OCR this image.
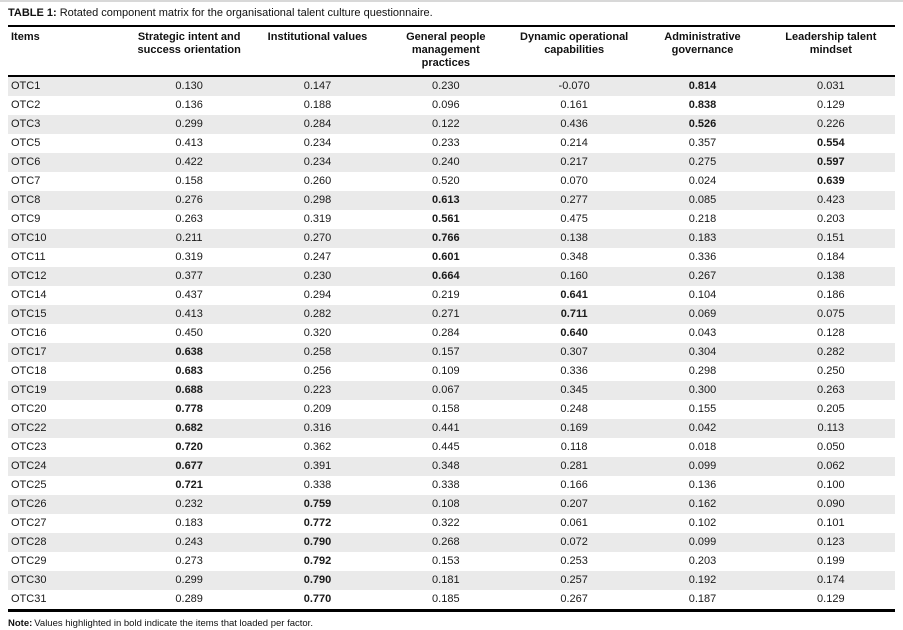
TABLE 1: Rotated component matrix for the organisational talent culture questionnaire.
Items	Strategic intent and success orientation	Institutional values	General people management practices	Dynamic operational capabilities	Administrative governance	Leadership talent mindset
OTC1	0.130	0.147	0.230	-0.070	0.814	0.031
OTC2	0.136	0.188	0.096	0.161	0.838	0.129
OTC3	0.299	0.284	0.122	0.436	0.526	0.226
OTC5	0.413	0.234	0.233	0.214	0.357	0.554
OTC6	0.422	0.234	0.240	0.217	0.275	0.597
OTC7	0.158	0.260	0.520	0.070	0.024	0.639
OTC8	0.276	0.298	0.613	0.277	0.085	0.423
OTC9	0.263	0.319	0.561	0.475	0.218	0.203
OTC10	0.211	0.270	0.766	0.138	0.183	0.151
OTC11	0.319	0.247	0.601	0.348	0.336	0.184
OTC12	0.377	0.230	0.664	0.160	0.267	0.138
OTC14	0.437	0.294	0.219	0.641	0.104	0.186
OTC15	0.413	0.282	0.271	0.711	0.069	0.075
OTC16	0.450	0.320	0.284	0.640	0.043	0.128
OTC17	0.638	0.258	0.157	0.307	0.304	0.282
OTC18	0.683	0.256	0.109	0.336	0.298	0.250
OTC19	0.688	0.223	0.067	0.345	0.300	0.263
OTC20	0.778	0.209	0.158	0.248	0.155	0.205
OTC22	0.682	0.316	0.441	0.169	0.042	0.113
OTC23	0.720	0.362	0.445	0.118	0.018	0.050
OTC24	0.677	0.391	0.348	0.281	0.099	0.062
OTC25	0.721	0.338	0.338	0.166	0.136	0.100
OTC26	0.232	0.759	0.108	0.207	0.162	0.090
OTC27	0.183	0.772	0.322	0.061	0.102	0.101
OTC28	0.243	0.790	0.268	0.072	0.099	0.123
OTC29	0.273	0.792	0.153	0.253	0.203	0.199
OTC30	0.299	0.790	0.181	0.257	0.192	0.174
OTC31	0.289	0.770	0.185	0.267	0.187	0.129
Note: Values highlighted in bold indicate the items that loaded per factor.
